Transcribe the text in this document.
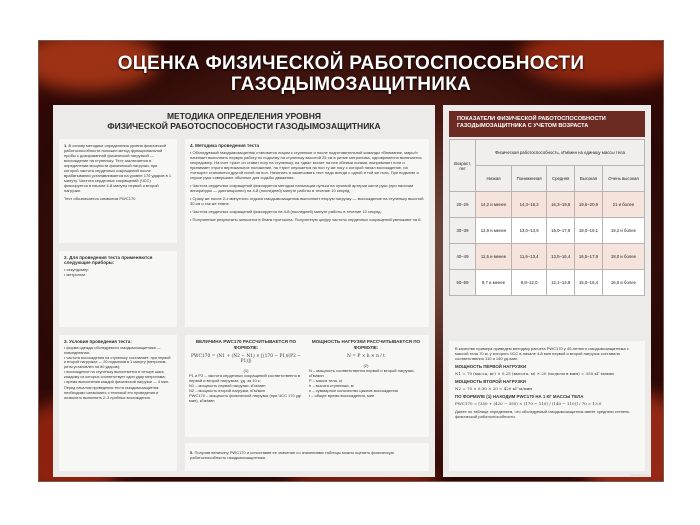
ОЦЕНКА ФИЗИЧЕСКОЙ РАБОТОСПОСОБНОСТИ
ГАЗОДЫМОЗАЩИТНИКА
МЕТОДИКА ОПРЕДЕЛЕНИЯ УРОВНЯ
ФИЗИЧЕСКОЙ РАБОТОСПОСОБНОСТИ ГАЗОДЫМОЗАЩИТНИКА
1. В основу методики определения уровня физической работоспособности положен метод функциональной пробы с дозированной физической нагрузкой — восхождение на ступеньку. Тест заключается в определении мощности физической нагрузки, при которой частота сердечных сокращений после врабатывания устанавливается на уровне 170 ударов в 1 минуту. Частота сердечных сокращений (ЧСС) фиксируется в начале 4-й минуты первой и второй нагрузки.
Тест обозначается символом PWC170
2. Для проведения теста применяются следующие приборы:
• секундомер
• метроном
3. Условия проведения теста:
• форма одежды обследуемого газодымозащитника — повседневная;
• частота восхождения на ступеньку составляет: при первой и второй нагрузках — 20 подъемов в 1 минуту (метроном-ритм установлен на 80 ударов);
• восхождение на ступеньку выполняется в четыре шага, каждому из которых соответствует один удар метронома;
• время выполнения каждой физической нагрузки — 4 мин.
Перед началом проведения теста газодымозащитник необходимо ознакомить с техникой его проведения и позволить выполнить 2–3 пробных восхождения.
4. Методика проведения теста
• Обследуемый газодымозащитник становится лицом к ступеньке и после подготовительной команды «Внимание, марш!» начинает выполнять первую работу по подъему на ступеньку высотой 25 см в ритме метронома, одновременно включается секундомер. На счет «раз» он ставит ногу на ступеньку, на «два» встает на нее обеими ногами, выпрямляет ноги и принимает строго вертикальное положение, на «три» опускается на пол ту же ногу с которой начал восхождение, на «четыре» становится другой ногой на пол. Начинать и заканчивать тест надо всегда с одной и той же ноги. При подъеме и спуске руки совершают обычные для ходьбы движения.
• Частота сердечных сокращений фиксируется методом пальпации пульса на лучевой артерии кисти руки (при наличии аппаратуры — дистанционно) на 4-й (последней) минуте работы в течение 10 секунд.
• Сразу же после 2-х минутного отдыха газодымозащитник выполняет вторую нагрузку — восхождение на ступеньку высотой 30 см и так же темпе.
• Частота сердечных сокращений фиксируется на 4-й (последней) минуте работы в течение 10 секунд.
• Полученные результаты заносятся в бланк протокола. Полученную цифру частоты сердечных сокращений умножают на 6.
ВЕЛИЧИНА PWC170 РАССЧИТЫВАЕТСЯ ПО ФОРМУЛЕ:
PWC170 = (N1 + (N2 − N1) × [(170 − P1)/(P2 − P1)])
(1)
P1 и P2 – частота сердечных сокращений соответственно в первой и второй нагрузках, уд. за 10 с;
N1 – мощность первой нагрузки, кГм/мин
N2 – мощность второй нагрузки, кГм/мин
PWC170 – мощность физической нагрузки (при ЧСС 170 уд/мин), кГм/мин
МОЩНОСТЬ НАГРУЗКИ РАССЧИТЫВАЕТСЯ ПО ФОРМУЛЕ:
N = P × h × n / t
(2)
N – мощность соответственно первой и второй нагрузки, кГм/мин
P – масса тела, кг
h – высота ступеньки, м
n – суммарное количество циклов восхождения
t – общее время восхождения, мин
5. Получив величину PWC170 и сопоставив ее значение со значениями таблицы можно оценить физическую работоспособность газодымозащитника.
ПОКАЗАТЕЛИ ФИЗИЧЕСКОЙ РАБОТОСПОСОБНОСТИ
ГАЗОДЫМОЗАЩИТНИКА С УЧЕТОМ ВОЗРАСТА
Возраст, лет	Физическая работоспособность, кГм/мин на единицу массы тела				
	Низкая	Пониженная	Средняя	Высокая	Очень высокая
20–29	14,2 и менее	14,3–16,2	16,3–19,5	19,6–20,9	21 и более
30–39	12,9 и менее	13,0–14,9	15,0–17,9	18,0–19,1	19,2 и более
40–49	11,5 и менее	11,6–13,4	13,5–16,4	16,5–17,9	18,0 и более
50–59	9,7 и менее	9,8–12,0	12,1–14,9	15,0–16,4	16,5 и более
В качестве примера приведем методику расчета PWC170 у 40-летнего газодымозащитника с массой тела 70 кг, у которого ЧСС в начале 4-й мин первой и второй нагрузок составила соответственно 110 и 140 уд./мин.
МОЩНОСТЬ ПЕРВОЙ НАГРУЗКИ
N1 = 70 (масса, кг) × 0,25 (высота, м) × 20 (подъем в мин) = 350 кГ·м/мин
МОЩНОСТЬ ВТОРОЙ НАГРУЗКИ
N2 = 70 × 0,30 × 20 = 420 кГ·м/мин
ПО ФОРМУЛЕ (1) НАХОДИМ PWC170 НА 1 КГ МАССЫ ТЕЛА
PWC170 = [350 + (420 − 350) × (170 − 110) / (140 − 110)] / 70 = 13,0
Далее по таблице определяем, что обследуемый газодымозащитник имеет среднюю степень физической работоспособности.
www.stendy.ru
